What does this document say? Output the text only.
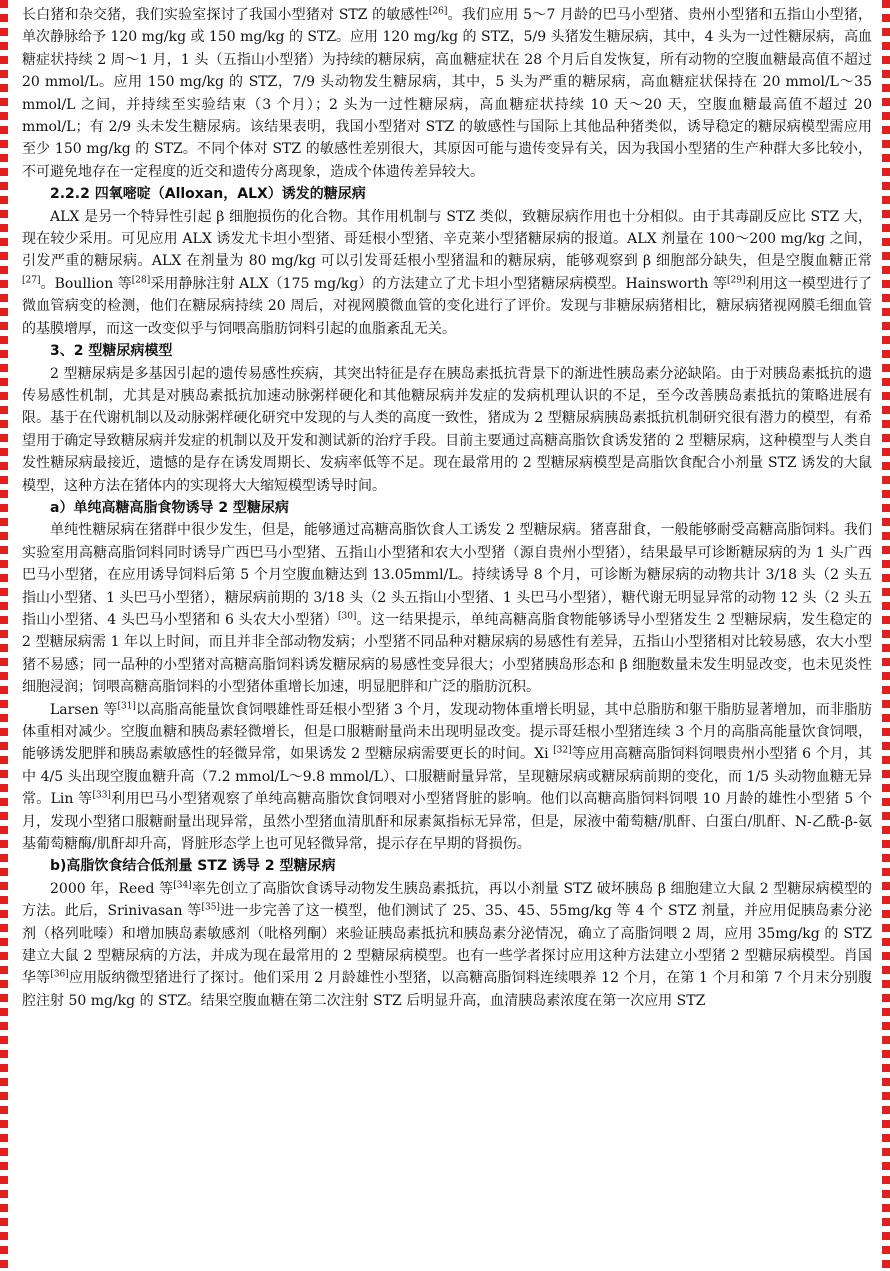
长白猪和杂交猪，我们实验室探讨了我国小型猪对 STZ 的敏感性[26]。我们应用 5～7 月龄的巴马小型猪、贵州小型猪和五指山小型猪，单次静脉给予 120 mg/kg 或 150 mg/kg 的 STZ。应用 120 mg/kg 的 STZ，5/9 头猪发生糖尿病，其中，4 头为一过性糖尿病，高血糖症状持续 2 周～1 月，1 头（五指山小型猪）为持续的糖尿病，高血糖症状在 28 个月后自发恢复，所有动物的空腹血糖最高值不超过 20 mmol/L。应用 150 mg/kg 的 STZ，7/9 头动物发生糖尿病，其中，5 头为严重的糖尿病，高血糖症状保持在 20 mmol/L～35 mmol/L 之间，并持续至实验结束（3 个月）；2 头为一过性糖尿病，高血糖症状持续 10 天～20 天，空腹血糖最高值不超过 20 mmol/L；有 2/9 头未发生糖尿病。该结果表明，我国小型猪对 STZ 的敏感性与国际上其他品种猪类似，诱导稳定的糖尿病模型需应用至少 150 mg/kg 的 STZ。不同个体对 STZ 的敏感性差别很大，其原因可能与遗传变异有关，因为我国小型猪的生产种群大多比较小，不可避免地存在一定程度的近交和遗传分离现象，造成个体遗传差异较大。

2.2.2 四氧嘧啶（Alloxan，ALX）诱发的糖尿病

ALX 是另一个特异性引起 β 细胞损伤的化合物。其作用机制与 STZ 类似，致糖尿病作用也十分相似。由于其毒副反应比 STZ 大，现在较少采用。可见应用 ALX 诱发尤卡坦小型猪、哥廷根小型猪、辛克莱小型猪糖尿病的报道。ALX 剂量在 100～200 mg/kg 之间，引发严重的糖尿病。ALX 在剂量为 80 mg/kg 可以引发哥廷根小型猪温和的糖尿病，能够观察到 β 细胞部分缺失，但是空腹血糖正常[27]。Boullion 等[28]采用静脉注射 ALX（175 mg/kg）的方法建立了尤卡坦小型猪糖尿病模型。Hainsworth 等[29]利用这一模型进行了微血管病变的检测，他们在糖尿病持续 20 周后，对视网膜微血管的变化进行了评价。发现与非糖尿病猪相比，糖尿病猪视网膜毛细血管的基膜增厚，而这一改变似乎与饲喂高脂肪饲料引起的血脂紊乱无关。

3、2 型糖尿病模型

2 型糖尿病是多基因引起的遗传易感性疾病，其突出特征是存在胰岛素抵抗背景下的渐进性胰岛素分泌缺陷。由于对胰岛素抵抗的遗传易感性机制，尤其是对胰岛素抵抗加速动脉粥样硬化和其他糖尿病并发症的发病机理认识的不足，至今改善胰岛素抵抗的策略进展有限。基于在代谢机制以及动脉粥样硬化研究中发现的与人类的高度一致性，猪成为 2 型糖尿病胰岛素抵抗机制研究很有潜力的模型，有希望用于确定导致糖尿病并发症的机制以及开发和测试新的治疗手段。目前主要通过高糖高脂饮食诱发猪的 2 型糖尿病，这种模型与人类自发性糖尿病最接近，遗憾的是存在诱发周期长、发病率低等不足。现在最常用的 2 型糖尿病模型是高脂饮食配合小剂量 STZ 诱发的大鼠模型，这种方法在猪体内的实现将大大缩短模型诱导时间。

a）单纯高糖高脂食物诱导 2 型糖尿病

单纯性糖尿病在猪群中很少发生，但是，能够通过高糖高脂饮食人工诱发 2 型糖尿病。猪喜甜食，一般能够耐受高糖高脂饲料。我们实验室用高糖高脂饲料同时诱导广西巴马小型猪、五指山小型猪和农大小型猪（源自贵州小型猪），结果最早可诊断糖尿病的为 1 头广西巴马小型猪，在应用诱导饲料后第 5 个月空腹血糖达到 13.05mml/L。持续诱导 8 个月，可诊断为糖尿病的动物共计 3/18 头（2 头五指山小型猪、1 头巴马小型猪），糖尿病前期的 3/18 头（2 头五指山小型猪、1 头巴马小型猪），糖代谢无明显异常的动物 12 头（2 头五指山小型猪、4 头巴马小型猪和 6 头农大小型猪）[30]。这一结果提示，单纯高糖高脂食物能够诱导小型猪发生 2 型糖尿病，发生稳定的 2 型糖尿病需 1 年以上时间，而且并非全部动物发病；小型猪不同品种对糖尿病的易感性有差异，五指山小型猪相对比较易感，农大小型猪不易感；同一品种的小型猪对高糖高脂饲料诱发糖尿病的易感性变异很大；小型猪胰岛形态和 β 细胞数量未发生明显改变，也未见炎性细胞浸润；饲喂高糖高脂饲料的小型猪体重增长加速，明显肥胖和广泛的脂肪沉积。

Larsen 等[31]以高脂高能量饮食饲喂雄性哥廷根小型猪 3 个月，发现动物体重增长明显，其中总脂肪和躯干脂肪显著增加，而非脂肪体重相对减少。空腹血糖和胰岛素轻微增长，但是口服糖耐量尚未出现明显改变。提示哥廷根小型猪连续 3 个月的高脂高能量饮食饲喂，能够诱发肥胖和胰岛素敏感性的轻微异常，如果诱发 2 型糖尿病需要更长的时间。Xi [32]等应用高糖高脂饲料饲喂贵州小型猪 6 个月，其中 4/5 头出现空腹血糖升高（7.2 mmol/L～9.8 mmol/L）、口服糖耐量异常，呈现糖尿病或糖尿病前期的变化，而 1/5 头动物血糖无异常。Lin 等[33]利用巴马小型猪观察了单纯高糖高脂饮食饲喂对小型猪肾脏的影响。他们以高糖高脂饲料饲喂 10 月龄的雄性小型猪 5 个月，发现小型猪口服糖耐量出现异常，虽然小型猪血清肌酐和尿素氮指标无异常，但是，尿液中葡萄糖/肌酐、白蛋白/肌酐、N-乙酰-β-氨基葡萄糖酶/肌酐却升高，肾脏形态学上也可见轻微异常，提示存在早期的肾损伤。

b)高脂饮食结合低剂量 STZ 诱导 2 型糖尿病

2000 年，Reed 等[34]率先创立了高脂饮食诱导动物发生胰岛素抵抗，再以小剂量 STZ 破坏胰岛 β 细胞建立大鼠 2 型糖尿病模型的方法。此后，Srinivasan 等[35]进一步完善了这一模型，他们测试了 25、35、45、55mg/kg 等 4 个 STZ 剂量，并应用促胰岛素分泌剂（格列吡嗪）和增加胰岛素敏感剂（吡格列酮）来验证胰岛素抵抗和胰岛素分泌情况，确立了高脂饲喂 2 周，应用 35mg/kg 的 STZ 建立大鼠 2 型糖尿病的方法，并成为现在最常用的 2 型糖尿病模型。也有一些学者探讨应用这种方法建立小型猪 2 型糖尿病模型。肖国华等[36]应用版纳微型猪进行了探讨。他们采用 2 月龄雄性小型猪，以高糖高脂饲料连续喂养 12 个月，在第 1 个月和第 7 个月末分别腹腔注射 50 mg/kg 的 STZ。结果空腹血糖在第二次注射 STZ 后明显升高，血清胰岛素浓度在第一次应用 STZ
